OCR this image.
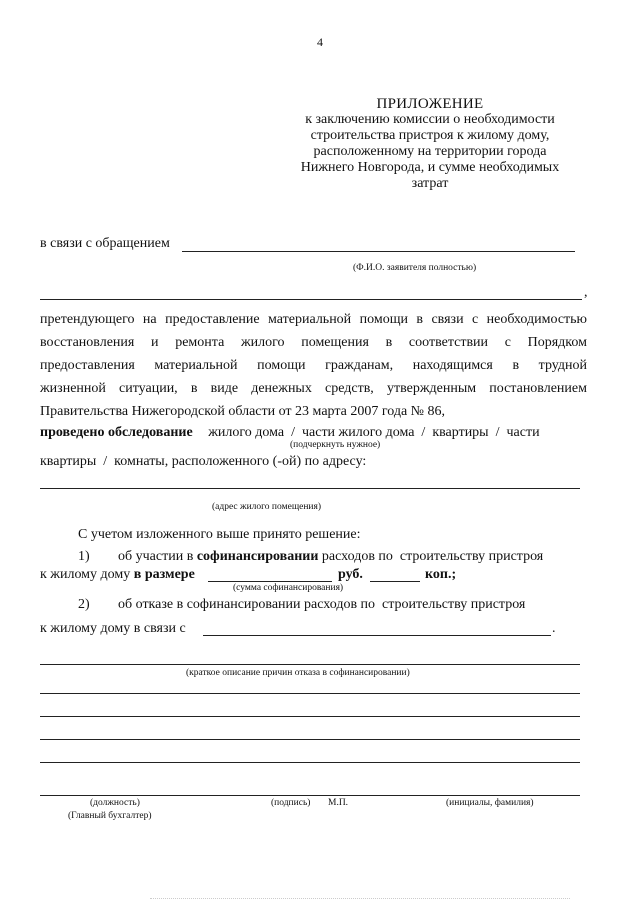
4
ПРИЛОЖЕНИЕ
к заключению комиссии о необходимости
строительства пристроя к жилому дому,
расположенному на территории города
Нижнего Новгорода, и сумме необходимых
затрат
в связи с обращением
(Ф.И.О. заявителя полностью)
,
претендующего на предоставление материальной помощи в связи с необходимостью
восстановления и ремонта жилого помещения в соответствии с Порядком
предоставления материальной помощи гражданам, находящимся в трудной
жизненной ситуации, в виде денежных средств, утвержденным постановлением
Правительства Нижегородской области от 23 марта 2007 года № 86,
проведено обследование жилого дома  /  части жилого дома  /  квартиры  /  части
(подчеркнуть нужное)
квартиры  /  комнаты, расположенного (-ой) по адресу:
(адрес жилого помещения)
С учетом изложенного выше принято решение:
1) об участии в софинансировании расходов по  строительству пристроя
к жилому дому в размере	руб.	коп.;
(сумма софинансирования)
2) об отказе в софинансировании расходов по  строительству пристроя
к жилому дому в связи с	.
(краткое описание причин отказа в софинансировании)
(должность)	(подпись) М.П.	(инициалы, фамилия)
(Главный бухгалтер)
